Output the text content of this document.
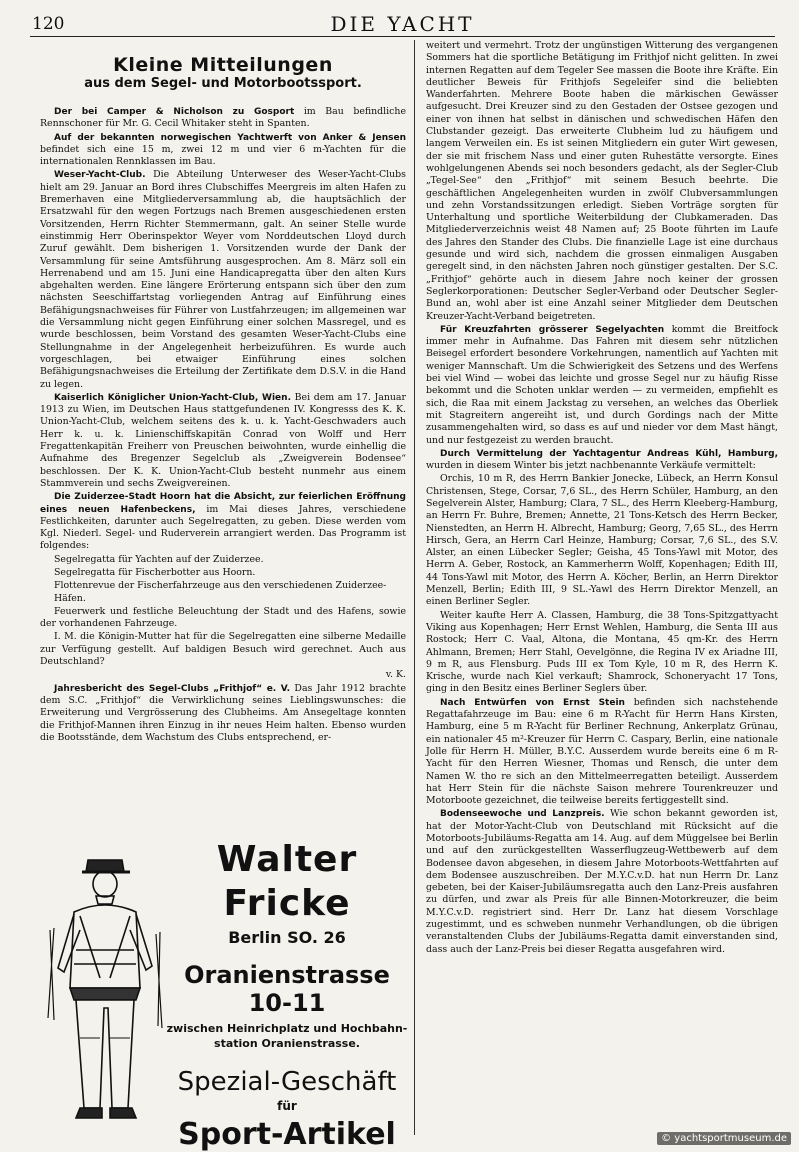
120	DIE YACHT
Kleine Mitteilungen
aus dem Segel- und Motorbootssport.

Der bei Camper & Nicholson zu Gosport im Bau befindliche Rennschoner für Mr. G. Cecil Whitaker steht in Spanten.

Auf der bekannten norwegischen Yachtwerft von Anker & Jensen befindet sich eine 15 m, zwei 12 m und vier 6 m-Yachten für die internationalen Rennklassen im Bau.

Weser-Yacht-Club. Die Abteilung Unterweser des Weser-Yacht-Clubs hielt am 29. Januar an Bord ihres Clubschiffes Meergreis im alten Hafen zu Bremerhaven eine Mitgliederversammlung ab, die hauptsächlich der Ersatzwahl für den wegen Fortzugs nach Bremen ausgeschiedenen ersten Vorsitzenden, Herrn Richter Stemmermann, galt. An seiner Stelle wurde einstimmig Herr Oberinspektor Weyer vom Norddeutschen Lloyd durch Zuruf gewählt. Dem bisherigen 1. Vorsitzenden wurde der Dank der Versammlung für seine Amtsführung ausgesprochen. Am 8. März soll ein Herrenabend und am 15. Juni eine Handicapregatta über den alten Kurs abgehalten werden. Eine längere Erörterung entspann sich über den zum nächsten Seeschiffartstag vorliegenden Antrag auf Einführung eines Befähigungsnachweises für Führer von Lustfahrzeugen; im allgemeinen war die Versammlung nicht gegen Einführung einer solchen Massregel, und es wurde beschlossen, beim Vorstand des gesamten Weser-Yacht-Clubs eine Stellungnahme in der Angelegenheit herbeizuführen. Es wurde auch vorgeschlagen, bei etwaiger Einführung eines solchen Befähigungsnachweises die Erteilung der Zertifikate dem D.S.V. in die Hand zu legen.

Kaiserlich Königlicher Union-Yacht-Club, Wien. Bei dem am 17. Januar 1913 zu Wien, im Deutschen Haus stattgefundenen IV. Kongresss des K. K. Union-Yacht-Club, welchem seitens des k. u. k. Yacht-Geschwaders auch Herr k. u. k. Linienschiffskapitän Conrad von Wolff und Herr Fregattenkapitän Freiherr von Preuschen beiwohnten, wurde einhellig die Aufnahme des Bregenzer Segelclub als „Zweigverein Bodensee“ beschlossen. Der K. K. Union-Yacht-Club besteht nunmehr aus einem Stammverein und sechs Zweigvereinen.

Die Zuiderzee-Stadt Hoorn hat die Absicht, zur feierlichen Eröffnung eines neuen Hafenbeckens, im Mai dieses Jahres, verschiedene Festlichkeiten, darunter auch Segelregatten, zu geben. Diese werden vom Kgl. Niederl. Segel- und Ruderverein arrangiert werden. Das Programm ist folgendes:

Segelregatta für Yachten auf der Zuiderzee.

Segelregatta für Fischerbotter aus Hoorn.

Flottenrevue der Fischerfahrzeuge aus den verschiedenen Zuiderzee-Häfen.

Feuerwerk und festliche Beleuchtung der Stadt und des Hafens, sowie der vorhandenen Fahrzeuge.

I. M. die Königin-Mutter hat für die Segelregatten eine silberne Medaille zur Verfügung gestellt. Auf baldigen Besuch wird gerechnet. Auch aus Deutschland?

v. K.

Jahresbericht des Segel-Clubs „Frithjof“ e. V. Das Jahr 1912 brachte dem S.C. „Frithjof“ die Verwirklichung seines Lieblingswunsches: die Erweiterung und Vergrösserung des Clubheims. Am Ansegeltage konnten die Frithjof-Mannen ihren Einzug in ihr neues Heim halten. Ebenso wurden die Bootsstände, dem Wachstum des Clubs entsprechend, er-

weitert und vermehrt. Trotz der ungünstigen Witterung des vergangenen Sommers hat die sportliche Betätigung im Frithjof nicht gelitten. In zwei internen Regatten auf dem Tegeler See massen die Boote ihre Kräfte. Ein deutlicher Beweis für Frithjofs Segeleifer sind die beliebten Wanderfahrten. Mehrere Boote haben die märkischen Gewässer aufgesucht. Drei Kreuzer sind zu den Gestaden der Ostsee gezogen und einer von ihnen hat selbst in dänischen und schwedischen Häfen den Clubstander gezeigt. Das erweiterte Clubheim lud zu häufigem und langem Verweilen ein. Es ist seinen Mitgliedern ein guter Wirt gewesen, der sie mit frischem Nass und einer guten Ruhestätte versorgte. Eines wohlgelungenen Abends sei noch besonders gedacht, als der Segler-Club „Tegel-See“ den „Frithjof“ mit seinem Besuch beehrte. Die geschäftlichen Angelegenheiten wurden in zwölf Clubversammlungen und zehn Vorstandssitzungen erledigt. Sieben Vorträge sorgten für Unterhaltung und sportliche Weiterbildung der Clubkameraden. Das Mitgliederverzeichnis weist 48 Namen auf; 25 Boote führten im Laufe des Jahres den Stander des Clubs. Die finanzielle Lage ist eine durchaus gesunde und wird sich, nachdem die grossen einmaligen Ausgaben geregelt sind, in den nächsten Jahren noch günstiger gestalten. Der S.C. „Frithjof“ gehörte auch in diesem Jahre noch keiner der grossen Seglerkorporationen: Deutscher Segler-Verband oder Deutscher Segler-Bund an, wohl aber ist eine Anzahl seiner Mitglieder dem Deutschen Kreuzer-Yacht-Verband beigetreten.

Für Kreuzfahrten grösserer Segelyachten kommt die Breitfock immer mehr in Aufnahme. Das Fahren mit diesem sehr nützlichen Beisegel erfordert besondere Vorkehrungen, namentlich auf Yachten mit weniger Mannschaft. Um die Schwierigkeit des Setzens und des Werfens bei viel Wind — wobei das leichte und grosse Segel nur zu häufig Risse bekommt und die Schoten unklar werden — zu vermeiden, empfiehlt es sich, die Raa mit einem Jackstag zu versehen, an welches das Oberliek mit Stagreitern angereiht ist, und durch Gordings nach der Mitte zusammengehalten wird, so dass es auf und nieder vor dem Mast hängt, und nur festgezeist zu werden braucht.

Durch Vermittelung der Yachtagentur Andreas Kühl, Hamburg, wurden in diesem Winter bis jetzt nachbenannte Verkäufe vermittelt:

Orchis, 10 m R, des Herrn Bankier Jonecke, Lübeck, an Herrn Konsul Christensen, Stege, Corsar, 7,6 SL., des Herrn Schüler, Hamburg, an den Segelverein Alster, Hamburg; Clara, 7 SL., des Herrn Kleeberg-Hamburg, an Herrn Fr. Buhre, Bremen; Annette, 21 Tons-Ketsch des Herrn Becker, Nienstedten, an Herrn H. Albrecht, Hamburg; Georg, 7,65 SL., des Herrn Hirsch, Gera, an Herrn Carl Heinze, Hamburg; Corsar, 7,6 SL., des S.V. Alster, an einen Lübecker Segler; Geisha, 45 Tons-Yawl mit Motor, des Herrn A. Geber, Rostock, an Kammerherrn Wolff, Kopenhagen; Edith III, 44 Tons-Yawl mit Motor, des Herrn A. Köcher, Berlin, an Herrn Direktor Menzell, Berlin; Edith III, 9 SL.-Yawl des Herrn Direktor Menzell, an einen Berliner Segler.

Weiter kaufte Herr A. Classen, Hamburg, die 38 Tons-Spitzgattyacht Viking aus Kopenhagen; Herr Ernst Wehlen, Hamburg, die Senta III aus Rostock; Herr C. Vaal, Altona, die Montana, 45 qm-Kr. des Herrn Ahlmann, Bremen; Herr Stahl, Oevelgönne, die Regina IV ex Ariadne III, 9 m R, aus Flensburg. Puds III ex Tom Kyle, 10 m R, des Herrn K. Krische, wurde nach Kiel verkauft; Shamrock, Schoneryacht 17 Tons, ging in den Besitz eines Berliner Seglers über.

Nach Entwürfen von Ernst Stein befinden sich nachstehende Regattafahrzeuge im Bau: eine 6 m R-Yacht für Herrn Hans Kirsten, Hamburg, eine 5 m R-Yacht für Berliner Rechnung, Ankerplatz Grünau, ein nationaler 45 m²-Kreuzer für Herrn C. Caspary, Berlin, eine nationale Jolle für Herrn H. Müller, B.Y.C. Ausserdem wurde bereits eine 6 m R-Yacht für den Herren Wiesner, Thomas und Rensch, die unter dem Namen W. tho re sich an den Mittelmeerregatten beteiligt. Ausserdem hat Herr Stein für die nächste Saison mehrere Tourenkreuzer und Motorboote gezeichnet, die teilweise bereits fertiggestellt sind.

Bodenseewoche und Lanzpreis. Wie schon bekannt geworden ist, hat der Motor-Yacht-Club von Deutschland mit Rücksicht auf die Motorboots-Jubiläums-Regatta am 14. Aug. auf dem Müggelsee bei Berlin und auf den zurückgestellten Wasserflugzeug-Wettbewerb auf dem Bodensee davon abgesehen, in diesem Jahre Motorboots-Wettfahrten auf dem Bodensee auszuschreiben. Der M.Y.C.v.D. hat nun Herrn Dr. Lanz gebeten, bei der Kaiser-Jubiläumsregatta auch den Lanz-Preis ausfahren zu dürfen, und zwar als Preis für alle Binnen-Motorkreuzer, die beim M.Y.C.v.D. registriert sind. Herr Dr. Lanz hat diesem Vorschlage zugestimmt, und es schweben nunmehr Verhandlungen, ob die übrigen veranstaltenden Clubs der Jubiläums-Regatta damit einverstanden sind, dass auch der Lanz-Preis bei dieser Regatta ausgefahren wird.

Walter Fricke
Berlin SO. 26
Oranienstrasse 10-11
zwischen Heinrichplatz und Hochbahn-
station Oranienstrasse.
Spezial-Geschäft
für
Sport-Artikel	© yachtsportmuseum.de
